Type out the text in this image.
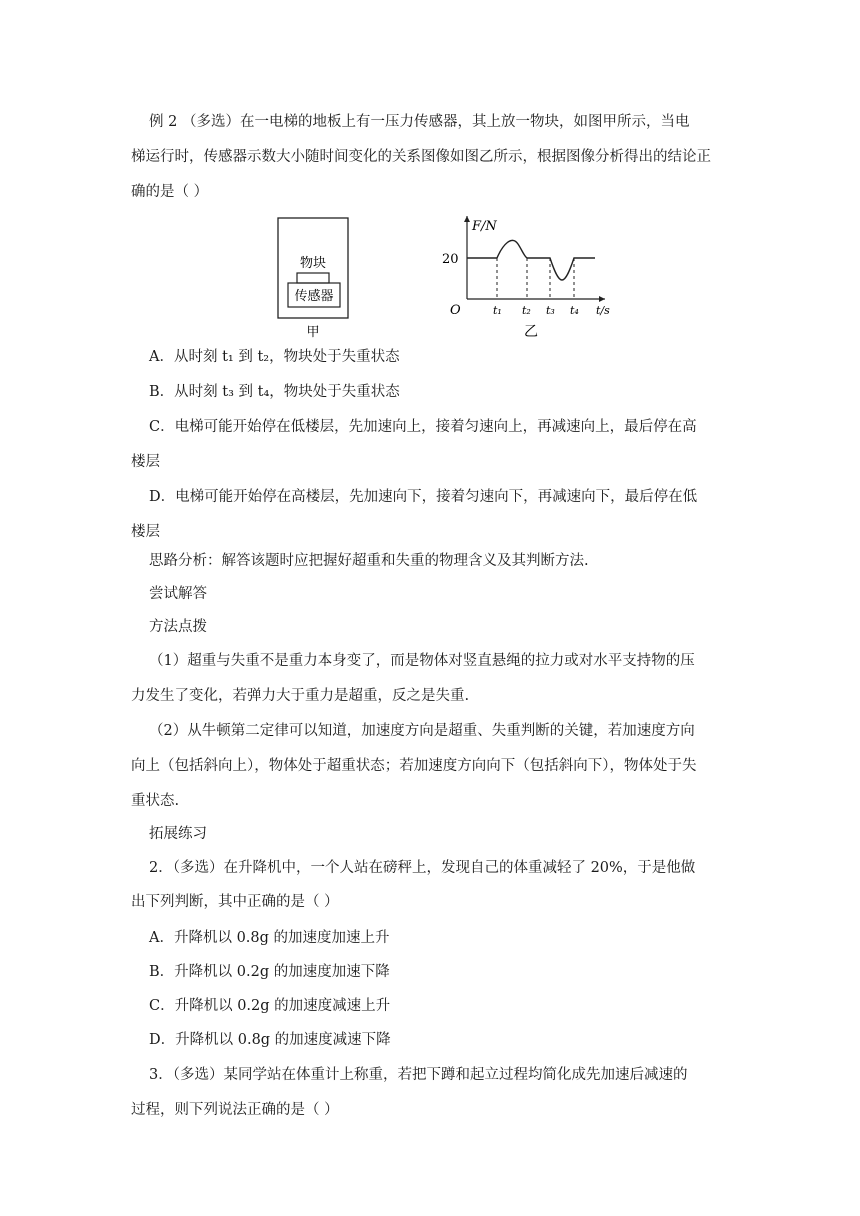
例 2 （多选）在一电梯的地板上有一压力传感器，其上放一物块，如图甲所示，当电
梯运行时，传感器示数大小随时间变化的关系图像如图乙所示，根据图像分析得出的结论正
确的是（ ）
物块
传感器
甲
F/N
20
O	t/s
t₁ t₂ t₃ t₄
乙
A．从时刻 t₁ 到 t₂，物块处于失重状态
B．从时刻 t₃ 到 t₄，物块处于失重状态
C．电梯可能开始停在低楼层，先加速向上，接着匀速向上，再减速向上，最后停在高
楼层
D．电梯可能开始停在高楼层，先加速向下，接着匀速向下，再减速向下，最后停在低
楼层
思路分析：解答该题时应把握好超重和失重的物理含义及其判断方法.
尝试解答
方法点拨
（1）超重与失重不是重力本身变了，而是物体对竖直悬绳的拉力或对水平支持物的压
力发生了变化，若弹力大于重力是超重，反之是失重.
（2）从牛顿第二定律可以知道，加速度方向是超重、失重判断的关键，若加速度方向
向上（包括斜向上），物体处于超重状态；若加速度方向向下（包括斜向下），物体处于失
重状态.
拓展练习
2．（多选）在升降机中，一个人站在磅秤上，发现自己的体重减轻了 20%，于是他做
出下列判断，其中正确的是（ ）
A．升降机以 0.8g 的加速度加速上升
B．升降机以 0.2g 的加速度加速下降
C．升降机以 0.2g 的加速度减速上升
D．升降机以 0.8g 的加速度减速下降
3．（多选）某同学站在体重计上称重，若把下蹲和起立过程均简化成先加速后减速的
过程，则下列说法正确的是（ ）
